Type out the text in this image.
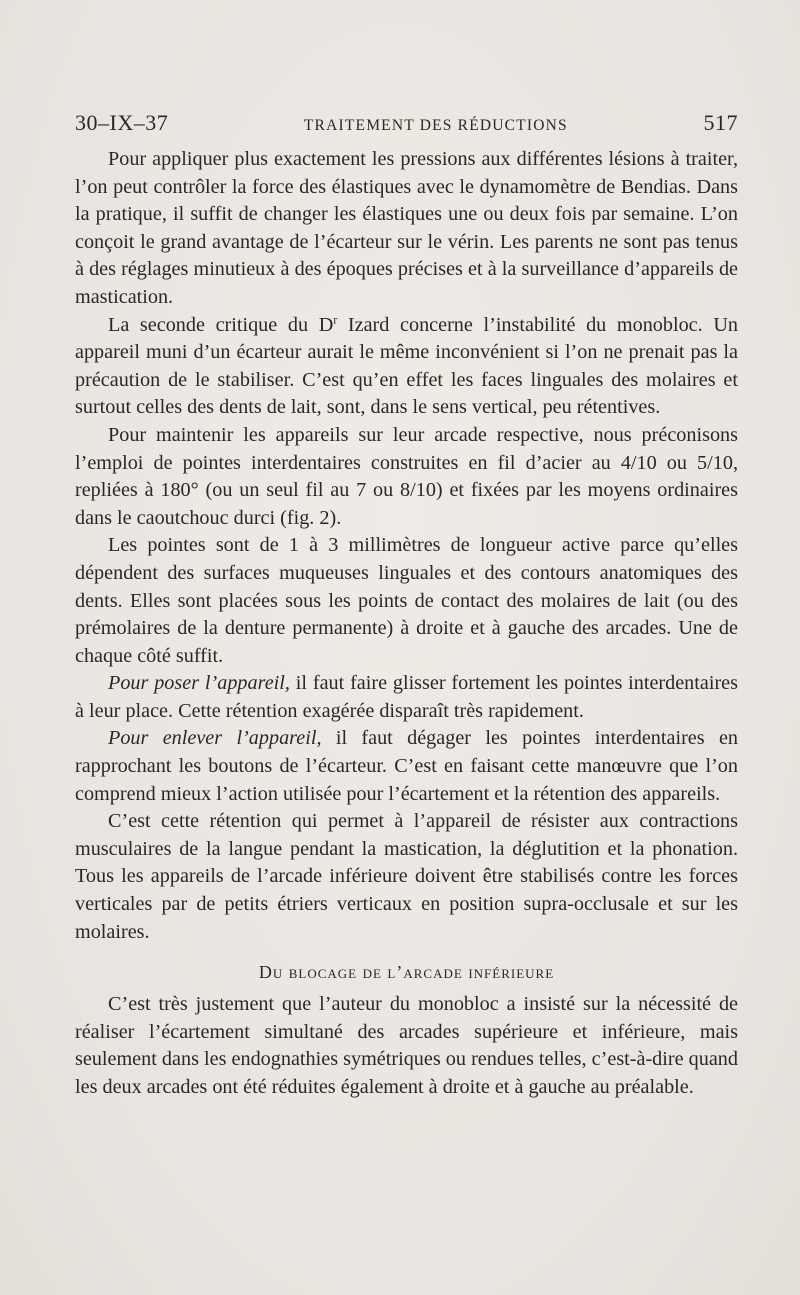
30–IX–37	TRAITEMENT DES RÉDUCTIONS	517

Pour appliquer plus exactement les pressions aux différentes lésions à traiter, l’on peut contrôler la force des élastiques avec le dynamomètre de Bendias. Dans la pratique, il suffit de changer les élastiques une ou deux fois par semaine. L’on conçoit le grand avantage de l’écarteur sur le vérin. Les parents ne sont pas tenus à des réglages minutieux à des époques précises et à la surveillance d’appareils de mastication.

La seconde critique du $D^r$ Izard concerne l’instabilité du monobloc. Un appareil muni d’un écarteur aurait le même inconvénient si l’on ne prenait pas la précaution de le stabiliser. C’est qu’en effet les faces linguales des molaires et surtout celles des dents de lait, sont, dans le sens vertical, peu rétentives.

Pour maintenir les appareils sur leur arcade respective, nous préconisons l’emploi de pointes interdentaires construites en fil d’acier au 4/10 ou 5/10, repliées à 180° (ou un seul fil au 7 ou 8/10) et fixées par les moyens ordinaires dans le caoutchouc durci (fig. 2).

Les pointes sont de 1 à 3 millimètres de longueur active parce qu’elles dépendent des surfaces muqueuses linguales et des contours anatomiques des dents. Elles sont placées sous les points de contact des molaires de lait (ou des prémolaires de la denture permanente) à droite et à gauche des arcades. Une de chaque côté suffit.

Pour poser l’appareil, il faut faire glisser fortement les pointes interdentaires à leur place. Cette rétention exagérée disparaît très rapidement.

Pour enlever l’appareil, il faut dégager les pointes interdentaires en rapprochant les boutons de l’écarteur. C’est en faisant cette manœuvre que l’on comprend mieux l’action utilisée pour l’écartement et la rétention des appareils.

C’est cette rétention qui permet à l’appareil de résister aux contractions musculaires de la langue pendant la mastication, la déglutition et la phonation. Tous les appareils de l’arcade inférieure doivent être stabilisés contre les forces verticales par de petits étriers verticaux en position supra-occlusale et sur les molaires.

Du blocage de l’arcade inférieure

C’est très justement que l’auteur du monobloc a insisté sur la nécessité de réaliser l’écartement simultané des arcades supérieure et inférieure, mais seulement dans les endognathies symétriques ou rendues telles, c’est-à-dire quand les deux arcades ont été réduites également à droite et à gauche au préalable.
